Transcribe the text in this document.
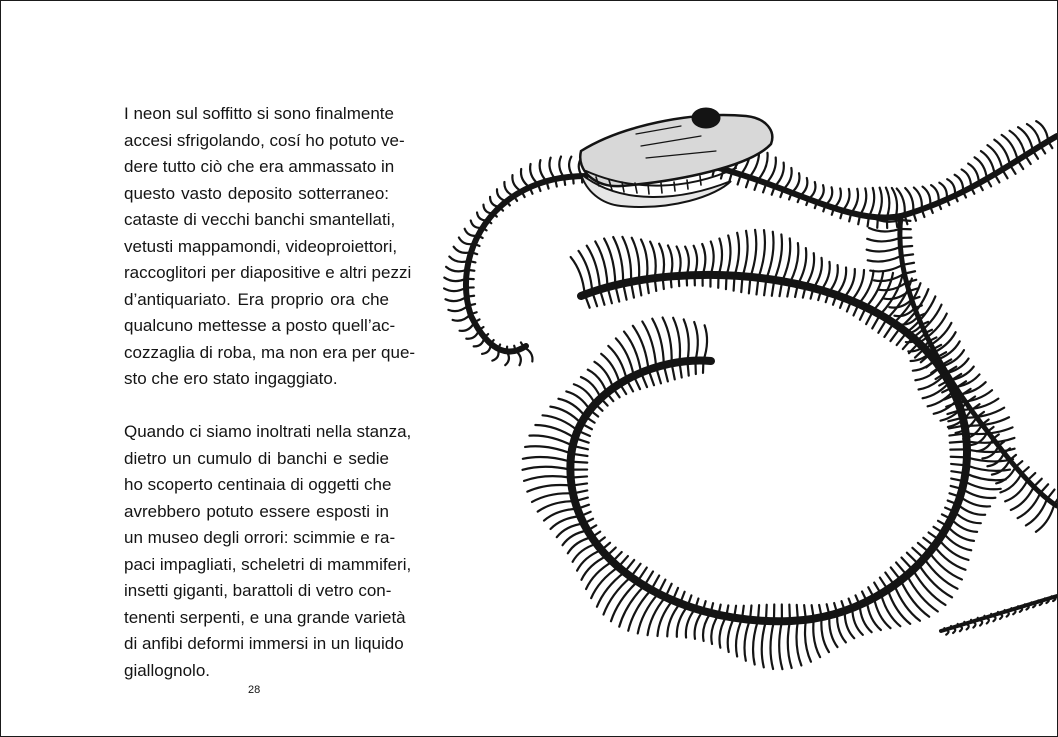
I neon sul soffitto si sono finalmente
accesi sfrigolando, cosí ho potuto ve-
dere tutto ciò che era ammassato in
questo vasto deposito sotterraneo:
cataste di vecchi banchi smantellati,
vetusti mappamondi, videoproiettori,
raccoglitori per diapositive e altri pezzi
d’antiquariato. Era proprio ora che
qualcuno mettesse a posto quell’ac-
cozzaglia di roba, ma non era per que-
sto che ero stato ingaggiato.
Quando ci siamo inoltrati nella stanza,
dietro un cumulo di banchi e sedie
ho scoperto centinaia di oggetti che
avrebbero potuto essere esposti in
un museo degli orrori: scimmie e ra-
paci impagliati, scheletri di mammiferi,
insetti giganti, barattoli di vetro con-
tenenti serpenti, e una grande varietà
di anfibi deformi immersi in un liquido
giallognolo.
28
